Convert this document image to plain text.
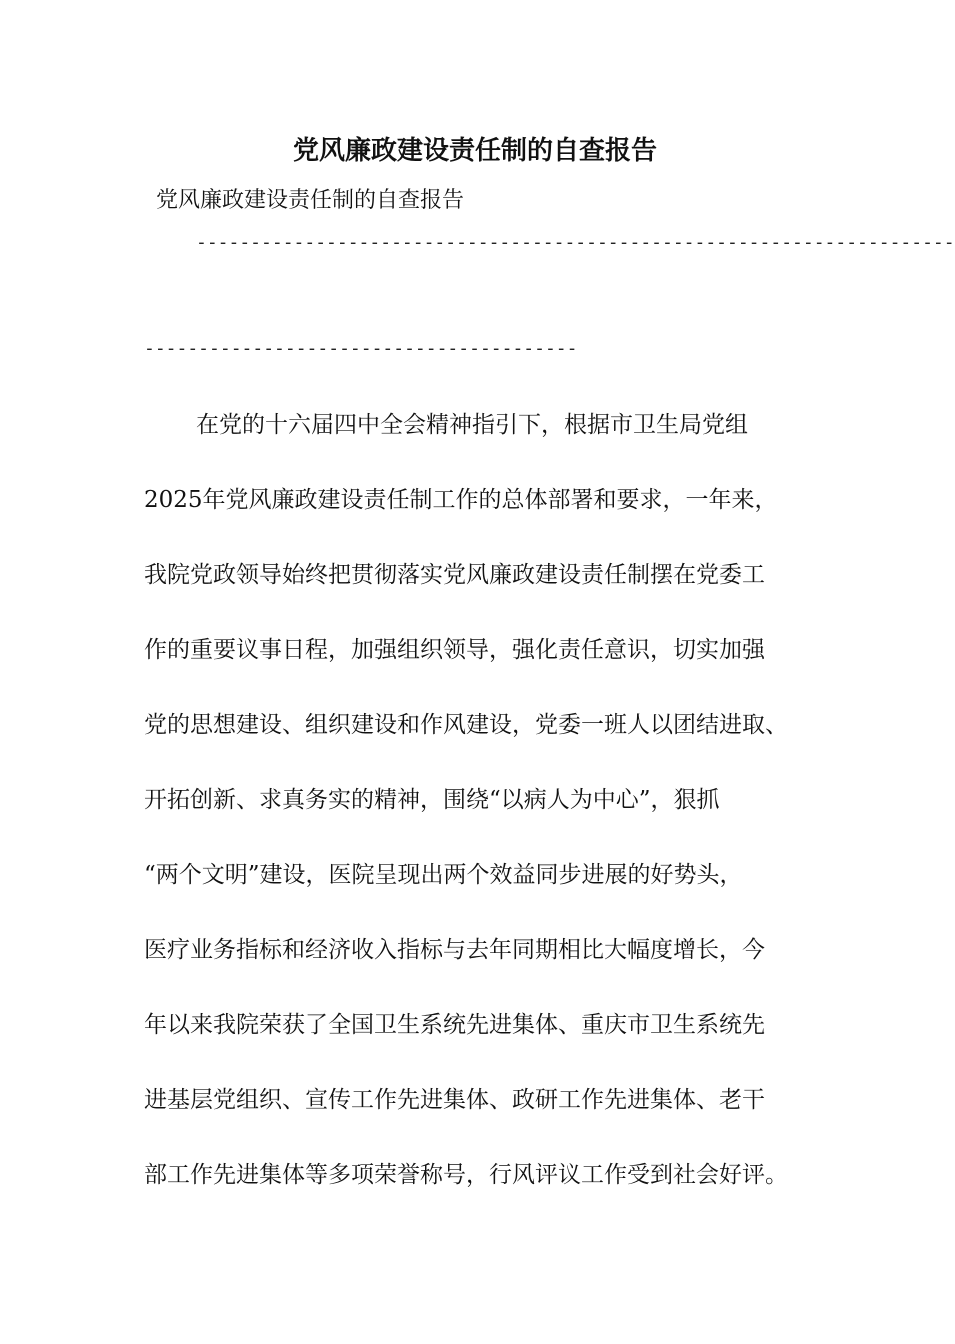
党风廉政建设责任制的自查报告
党风廉政建设责任制的自查报告
----------------------------------------------------------------------
----------------------------------------
在党的十六届四中全会精神指引下，根据市卫生局党组
2025年党风廉政建设责任制工作的总体部署和要求，一年来，
我院党政领导始终把贯彻落实党风廉政建设责任制摆在党委工
作的重要议事日程，加强组织领导，强化责任意识，切实加强
党的思想建设、组织建设和作风建设，党委一班人以团结进取、
开拓创新、求真务实的精神，围绕“以病人为中心”，狠抓
“两个文明”建设，医院呈现出两个效益同步进展的好势头，
医疗业务指标和经济收入指标与去年同期相比大幅度增长，今
年以来我院荣获了全国卫生系统先进集体、重庆市卫生系统先
进基层党组织、宣传工作先进集体、政研工作先进集体、老干
部工作先进集体等多项荣誉称号，行风评议工作受到社会好评。
